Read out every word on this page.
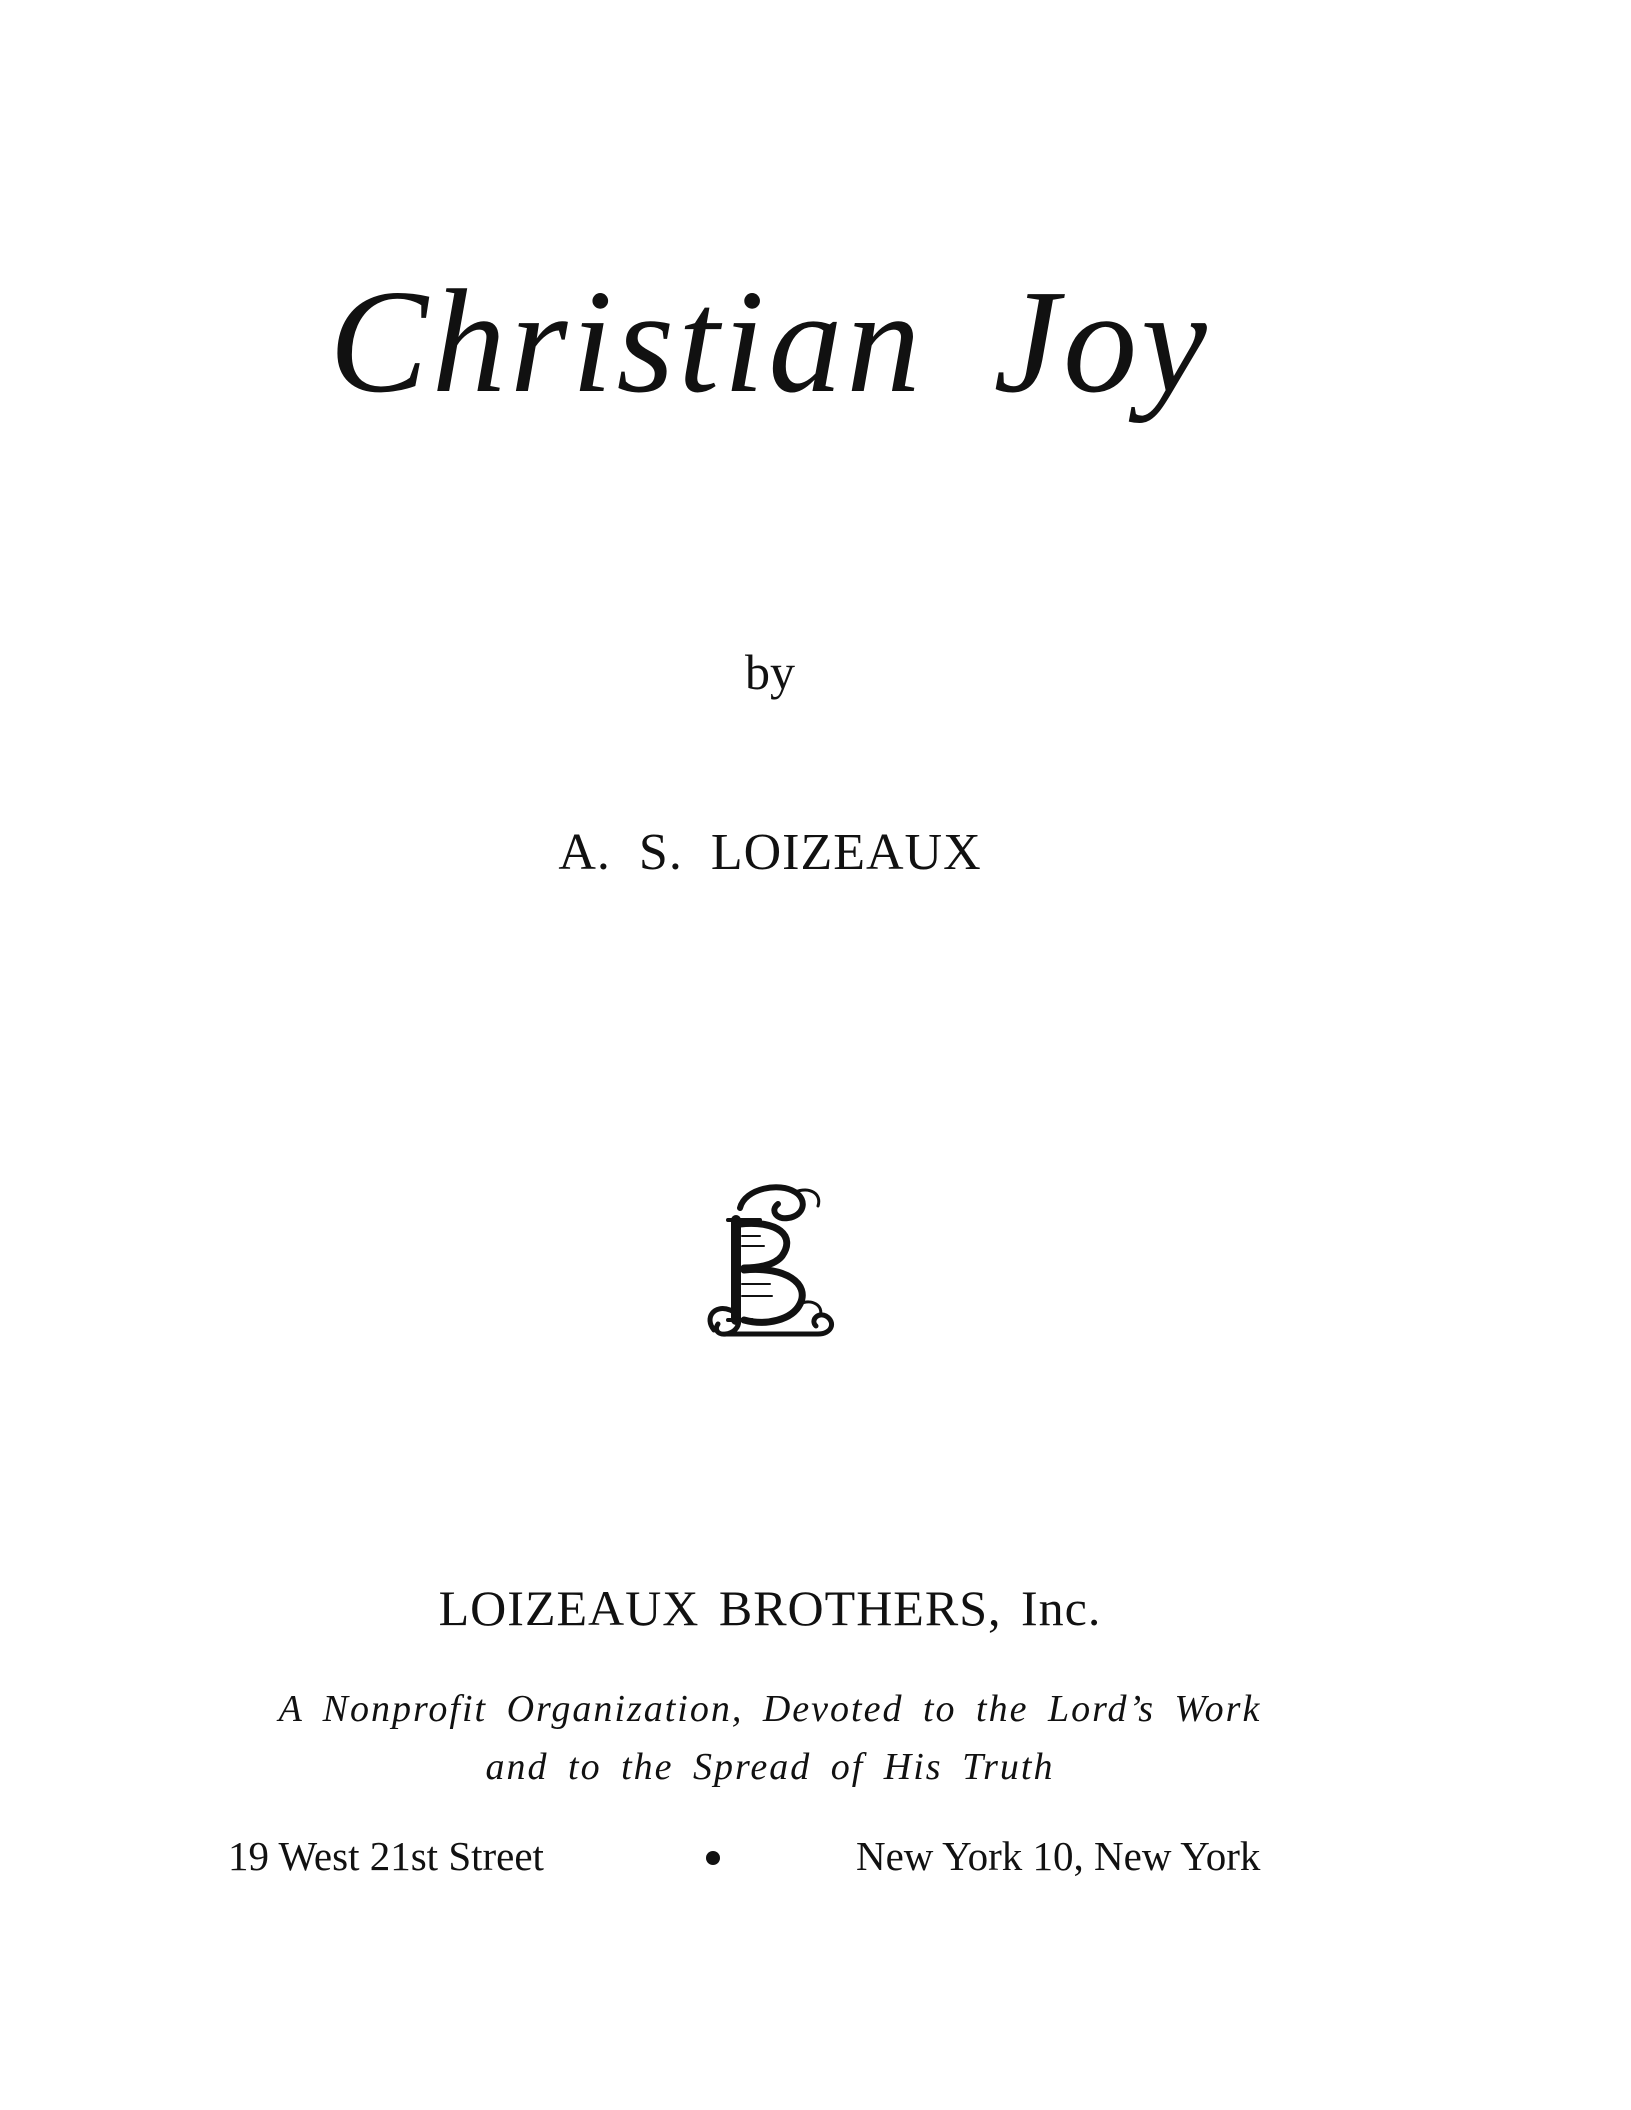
Christian Joy
by
A. S. LOIZEAUX
LOIZEAUX BROTHERS, Inc.
A Nonprofit Organization, Devoted to the Lord’s Work
and to the Spread of His Truth
19 West 21st Street	New York 10, New York
